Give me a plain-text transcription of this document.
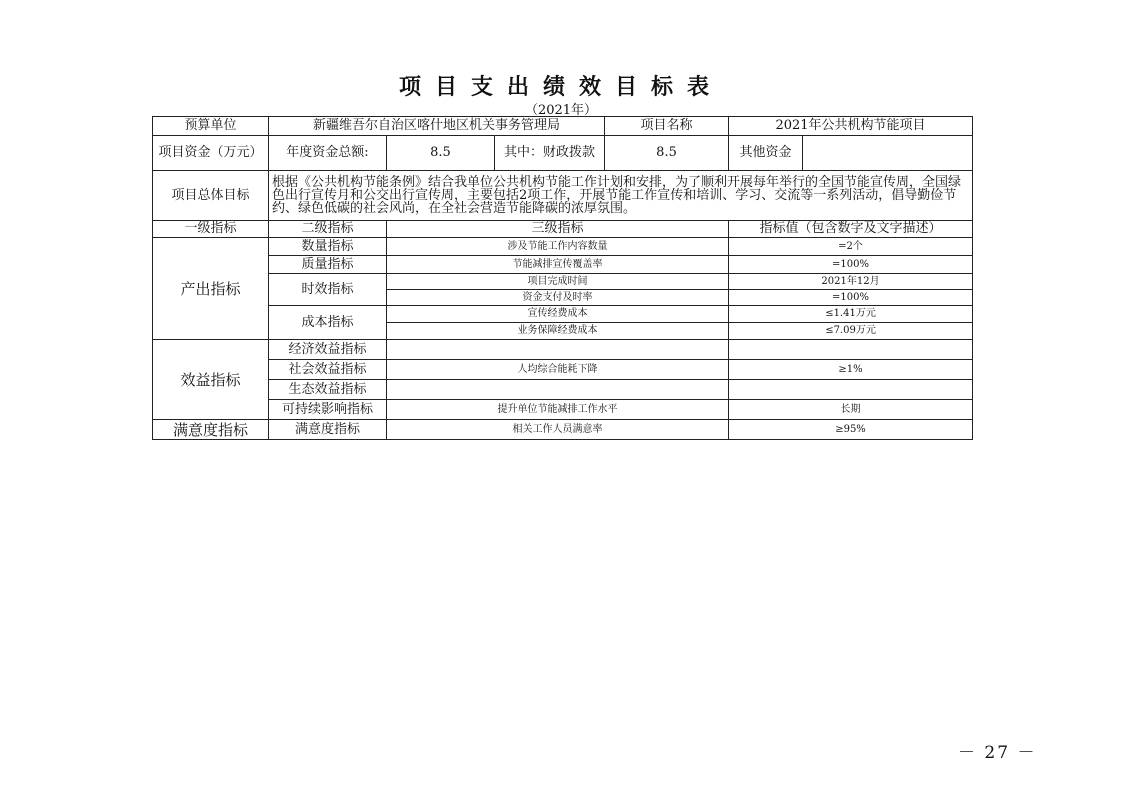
项目支出绩效目标表
（2021年）
预算单位	新疆维吾尔自治区喀什地区机关事务管理局			项目名称	2021年公共机构节能项目	
项目资金（万元）	年度资金总额:	8.5	其中：财政拨款	8.5	其他资金	
项目总体目标	根据《公共机构节能条例》结合我单位公共机构节能工作计划和安排，为了顺利开展每年举行的全国节能宣传周，全国绿色出行宣传月和公交出行宣传周，主要包括2项工作，开展节能工作宣传和培训、学习、交流等一系列活动，倡导勤俭节约、绿色低碳的社会风尚，在全社会营造节能降碳的浓厚氛围。					
一级指标	二级指标	三级指标			指标值（包含数字及文字描述）	
产出指标	数量指标	涉及节能工作内容数量			=2个	
	质量指标	节能减排宣传覆盖率			=100%	
	时效指标	项目完成时间			2021年12月	
		资金支付及时率			=100%	
	成本指标	宣传经费成本			≤1.41万元	
		业务保障经费成本			≤7.09万元	
效益指标	经济效益指标					
	社会效益指标	人均综合能耗下降			≥1%	
	生态效益指标					
	可持续影响指标	提升单位节能减排工作水平			长期	
满意度指标	满意度指标	相关工作人员满意率			≥95%	
－ 27 －
